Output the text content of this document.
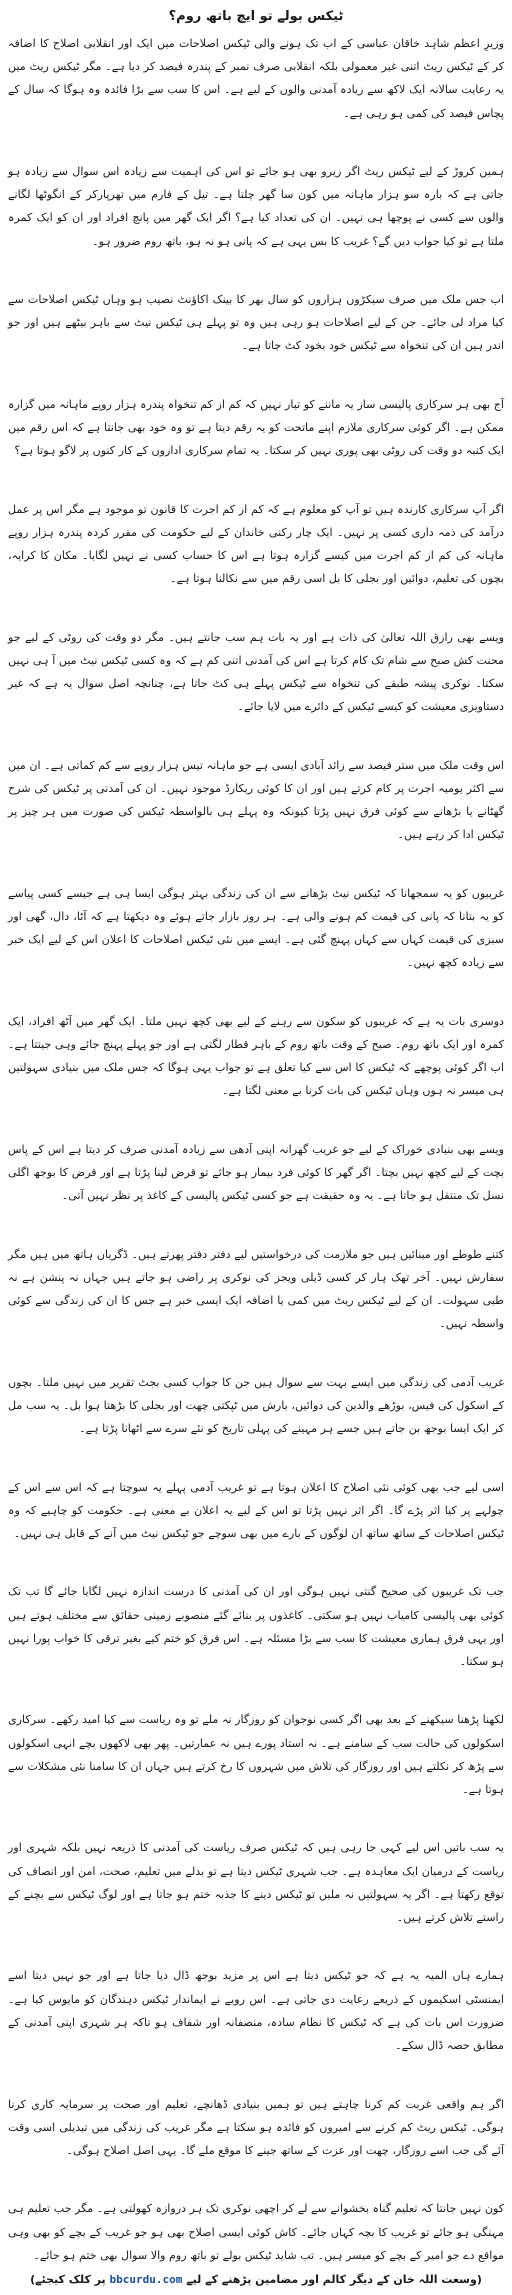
ٹیکس بولے تو ایچ باتھ روم؟

وزیرِ اعظم شاہد خاقان عباسی کے اب تک ہونے والی ٹیکس اصلاحات میں ایک اور انقلابی اصلاح کا اضافہ کر کے ٹیکس ریٹ اتنی غیر معمولی بلکہ انقلابی صرف نمبر کے پندرہ فیصد کر دیا ہے۔ مگر ٹیکس ریٹ میں یہ رعایت سالانہ ایک لاکھ سے زیادہ آمدنی والوں کے لیے ہے۔ اس کا سب سے بڑا فائدہ وہ ہوگا کہ سال کے پچاس فیصد کی کمی ہو رہی ہے۔

ہمیں کروڑ کے لیے ٹیکس ریٹ اگر زیرو بھی ہو جائے تو اس کی اہمیت سے زیادہ اس سوال سے زیادہ ہو جاتی ہے کہ بارہ سو ہزار ماہانہ میں کون سا گھر چلتا ہے۔ تیل کے فارم میں تھرپارکر کے انگوٹھا لگانے والوں سے کسی نے پوچھا ہی نہیں۔ ان کی تعداد کیا ہے؟ اگر ایک گھر میں پانچ افراد اور ان کو ایک کمرہ ملتا ہے تو کیا جواب دیں گے؟ غریب کا بس یہی ہے کہ پانی ہو نہ ہو، باتھ روم ضرور ہو۔

اب جس ملک میں صرف سیکڑوں ہزاروں کو سال بھر کا بینک اکاؤنٹ نصیب ہو وہاں ٹیکس اصلاحات سے کیا مراد لی جائے۔ جن کے لیے اصلاحات ہو رہی ہیں وہ تو پہلے ہی ٹیکس نیٹ سے باہر بیٹھے ہیں اور جو اندر ہیں ان کی تنخواہ سے ٹیکس خود بخود کٹ جاتا ہے۔

آج بھی ہر سرکاری پالیسی ساز یہ ماننے کو تیار نہیں کہ کم از کم تنخواہ پندرہ ہزار روپے ماہانہ میں گزارہ ممکن ہے۔ اگر کوئی سرکاری ملازم اپنے ماتحت کو یہ رقم دیتا ہے تو وہ خود بھی جانتا ہے کہ اس رقم میں ایک کنبہ دو وقت کی روٹی بھی پوری نہیں کر سکتا۔ یہ تمام سرکاری اداروں کے کار کنوں پر لاگو ہوتا ہے؟

اگر آپ سرکاری کارندہ ہیں تو آپ کو معلوم ہے کہ کم از کم اجرت کا قانون تو موجود ہے مگر اس پر عمل درآمد کی ذمہ داری کسی پر نہیں۔ ایک چار رکنی خاندان کے لیے حکومت کی مقرر کردہ پندرہ ہزار روپے ماہانہ کی کم از کم اجرت میں کیسے گزارہ ہوتا ہے اس کا حساب کسی نے نہیں لگایا۔ مکان کا کرایہ، بچوں کی تعلیم، دوائیں اور بجلی کا بل اسی رقم میں سے نکالنا ہوتا ہے۔

ویسے بھی رازق اللہ تعالیٰ کی ذات ہے اور یہ بات ہم سب جانتے ہیں۔ مگر دو وقت کی روٹی کے لیے جو محنت کش صبح سے شام تک کام کرتا ہے اس کی آمدنی اتنی کم ہے کہ وہ کسی ٹیکس نیٹ میں آ ہی نہیں سکتا۔ نوکری پیشہ طبقے کی تنخواہ سے ٹیکس پہلے ہی کٹ جاتا ہے، چنانچہ اصل سوال یہ ہے کہ غیر دستاویزی معیشت کو کیسے ٹیکس کے دائرے میں لایا جائے۔

اس وقت ملک میں ستر فیصد سے زائد آبادی ایسی ہے جو ماہانہ تیس ہزار روپے سے کم کماتی ہے۔ ان میں سے اکثر یومیہ اجرت پر کام کرتے ہیں اور ان کا کوئی ریکارڈ موجود نہیں۔ ان کی آمدنی پر ٹیکس کی شرح گھٹانے یا بڑھانے سے کوئی فرق نہیں پڑتا کیونکہ وہ پہلے ہی بالواسطہ ٹیکس کی صورت میں ہر چیز پر ٹیکس ادا کر رہے ہیں۔

غریبوں کو یہ سمجھانا کہ ٹیکس نیٹ بڑھانے سے ان کی زندگی بہتر ہوگی ایسا ہی ہے جیسے کسی پیاسے کو یہ بتانا کہ پانی کی قیمت کم ہونے والی ہے۔ ہر روز بازار جاتے ہوئے وہ دیکھتا ہے کہ آٹا، دال، گھی اور سبزی کی قیمت کہاں سے کہاں پہنچ گئی ہے۔ ایسے میں نئی ٹیکس اصلاحات کا اعلان اس کے لیے ایک خبر سے زیادہ کچھ نہیں۔

دوسری بات یہ ہے کہ غریبوں کو سکون سے رہنے کے لیے بھی کچھ نہیں ملتا۔ ایک گھر میں آٹھ افراد، ایک کمرہ اور ایک باتھ روم۔ صبح کے وقت باتھ روم کے باہر قطار لگتی ہے اور جو پہلے پہنچ جائے وہی جیتتا ہے۔ اب اگر کوئی پوچھے کہ ٹیکس کا اس سے کیا تعلق ہے تو جواب یہی ہوگا کہ جس ملک میں بنیادی سہولتیں ہی میسر نہ ہوں وہاں ٹیکس کی بات کرنا بے معنی لگتا ہے۔

ویسے بھی بنیادی خوراک کے لیے جو غریب گھرانہ اپنی آدھی سے زیادہ آمدنی صرف کر دیتا ہے اس کے پاس بچت کے لیے کچھ نہیں بچتا۔ اگر گھر کا کوئی فرد بیمار ہو جائے تو قرض لینا پڑتا ہے اور قرض کا بوجھ اگلی نسل تک منتقل ہو جاتا ہے۔ یہ وہ حقیقت ہے جو کسی ٹیکس پالیسی کے کاغذ پر نظر نہیں آتی۔

کتنے طوطے اور مینائیں ہیں جو ملازمت کی درخواستیں لیے دفتر دفتر پھرتے ہیں۔ ڈگریاں ہاتھ میں ہیں مگر سفارش نہیں۔ آخر تھک ہار کر کسی ڈیلی ویجز کی نوکری پر راضی ہو جاتے ہیں جہاں نہ پنشن ہے نہ طبی سہولت۔ ان کے لیے ٹیکس ریٹ میں کمی یا اضافہ ایک ایسی خبر ہے جس کا ان کی زندگی سے کوئی واسطہ نہیں۔

غریب آدمی کی زندگی میں ایسے بہت سے سوال ہیں جن کا جواب کسی بجٹ تقریر میں نہیں ملتا۔ بچوں کے اسکول کی فیس، بوڑھے والدین کی دوائیں، بارش میں ٹپکتی چھت اور بجلی کا بڑھتا ہوا بل۔ یہ سب مل کر ایک ایسا بوجھ بن جاتے ہیں جسے ہر مہینے کی پہلی تاریخ کو نئے سرے سے اٹھانا پڑتا ہے۔

اسی لیے جب بھی کوئی نئی اصلاح کا اعلان ہوتا ہے تو غریب آدمی پہلے یہ سوچتا ہے کہ اس سے اس کے چولہے پر کیا اثر پڑے گا۔ اگر اثر نہیں پڑتا تو اس کے لیے یہ اعلان بے معنی ہے۔ حکومت کو چاہیے کہ وہ ٹیکس اصلاحات کے ساتھ ساتھ ان لوگوں کے بارے میں بھی سوچے جو ٹیکس نیٹ میں آنے کے قابل ہی نہیں۔

جب تک غریبوں کی صحیح گنتی نہیں ہوگی اور ان کی آمدنی کا درست اندازہ نہیں لگایا جائے گا تب تک کوئی بھی پالیسی کامیاب نہیں ہو سکتی۔ کاغذوں پر بنائے گئے منصوبے زمینی حقائق سے مختلف ہوتے ہیں اور یہی فرق ہماری معیشت کا سب سے بڑا مسئلہ ہے۔ اس فرق کو ختم کیے بغیر ترقی کا خواب پورا نہیں ہو سکتا۔

لکھنا پڑھنا سیکھنے کے بعد بھی اگر کسی نوجوان کو روزگار نہ ملے تو وہ ریاست سے کیا امید رکھے۔ سرکاری اسکولوں کی حالت سب کے سامنے ہے۔ نہ استاد پورے ہیں نہ عمارتیں۔ پھر بھی لاکھوں بچے انہی اسکولوں سے پڑھ کر نکلتے ہیں اور روزگار کی تلاش میں شہروں کا رخ کرتے ہیں جہاں ان کا سامنا نئی مشکلات سے ہوتا ہے۔

یہ سب باتیں اس لیے کہی جا رہی ہیں کہ ٹیکس صرف ریاست کی آمدنی کا ذریعہ نہیں بلکہ شہری اور ریاست کے درمیان ایک معاہدہ ہے۔ جب شہری ٹیکس دیتا ہے تو بدلے میں تعلیم، صحت، امن اور انصاف کی توقع رکھتا ہے۔ اگر یہ سہولتیں نہ ملیں تو ٹیکس دینے کا جذبہ ختم ہو جاتا ہے اور لوگ ٹیکس سے بچنے کے راستے تلاش کرتے ہیں۔

ہمارے ہاں المیہ یہ ہے کہ جو ٹیکس دیتا ہے اس پر مزید بوجھ ڈال دیا جاتا ہے اور جو نہیں دیتا اسے ایمنسٹی اسکیموں کے ذریعے رعایت دی جاتی ہے۔ اس رویے نے ایماندار ٹیکس دہندگان کو مایوس کیا ہے۔ ضرورت اس بات کی ہے کہ ٹیکس کا نظام سادہ، منصفانہ اور شفاف ہو تاکہ ہر شہری اپنی آمدنی کے مطابق حصہ ڈال سکے۔

اگر ہم واقعی غربت کم کرنا چاہتے ہیں تو ہمیں بنیادی ڈھانچے، تعلیم اور صحت پر سرمایہ کاری کرنا ہوگی۔ ٹیکس ریٹ کم کرنے سے امیروں کو فائدہ ہو سکتا ہے مگر غریب کی زندگی میں تبدیلی اسی وقت آئے گی جب اسے روزگار، چھت اور عزت کے ساتھ جینے کا موقع ملے گا۔ یہی اصل اصلاح ہوگی۔

کون نہیں جانتا کہ تعلیم گناہ بخشوانے سے لے کر اچھی نوکری تک ہر دروازہ کھولتی ہے۔ مگر جب تعلیم ہی مہنگی ہو جائے تو غریب کا بچہ کہاں جائے۔ کاش کوئی ایسی اصلاح بھی ہو جو غریب کے بچے کو بھی وہی مواقع دے جو امیر کے بچے کو میسر ہیں۔ تب شاید ٹیکس بولے تو باتھ روم والا سوال بھی ختم ہو جائے۔

(وسعت اللہ خان کے دیگر کالم اور مضامین پڑھنے کے لیے bbcurdu.com پر کلک کیجئے)
